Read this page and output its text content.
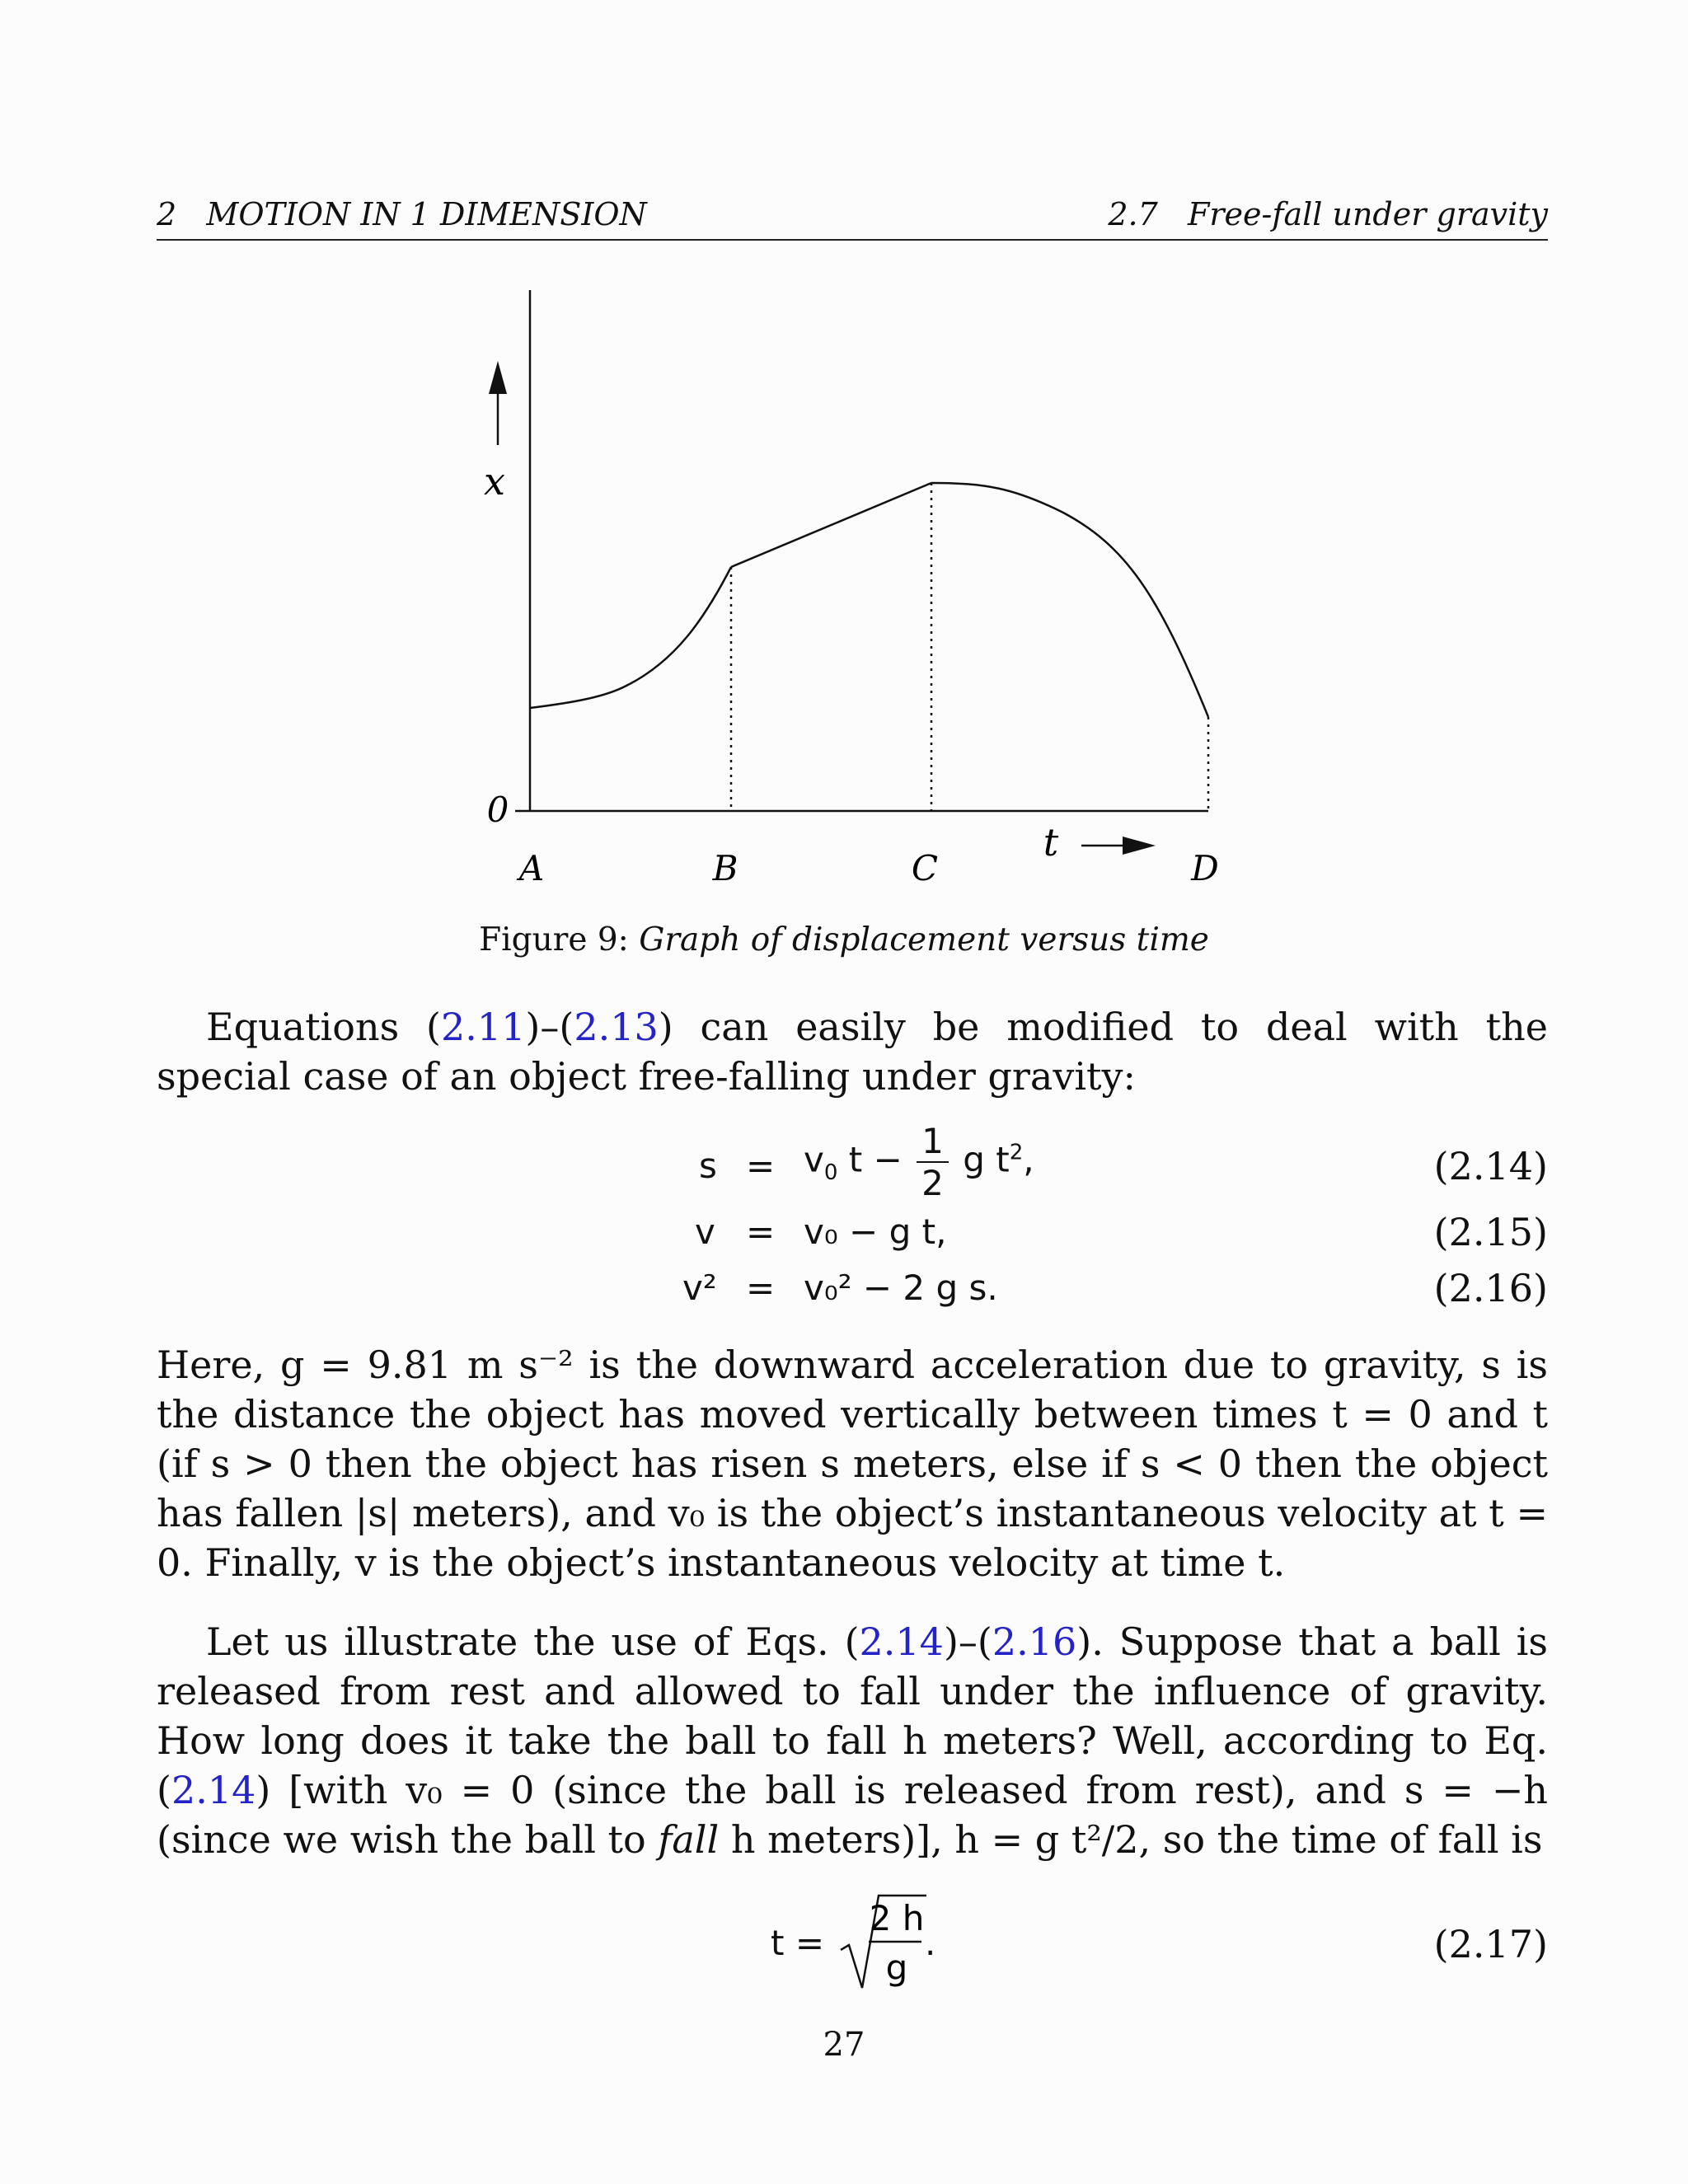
2   MOTION IN 1 DIMENSION	2.7   Free-fall under gravity
x
t
0
A	B	C	D
Figure 9: Graph of displacement versus time

Equations (2.11)–(2.13) can easily be modified to deal with the special case of an object free-falling under gravity:

$s = v_0$ $t - \frac{1}{2}$ g $t^2$,	(2.14)
v = v₀ − g t,	(2.15)
v² = v₀² − 2 g s.	(2.16)

Here, g = 9.81 m s⁻² is the downward acceleration due to gravity, s is the distance the object has moved vertically between times t = 0 and t (if s > 0 then the object has risen s meters, else if s < 0 then the object has fallen |s| meters), and v₀ is the object’s instantaneous velocity at t = 0. Finally, v is the object’s instantaneous velocity at time t.

Let us illustrate the use of Eqs. (2.14)–(2.16). Suppose that a ball is released from rest and allowed to fall under the influence of gravity. How long does it take the ball to fall h meters? Well, according to Eq. (2.14) [with v₀ = 0 (since the ball is released from rest), and s = −h (since we wish the ball to fall h meters)], h = g t²/2, so the time of fall is

t =
2 h
g
.	(2.17)
27
